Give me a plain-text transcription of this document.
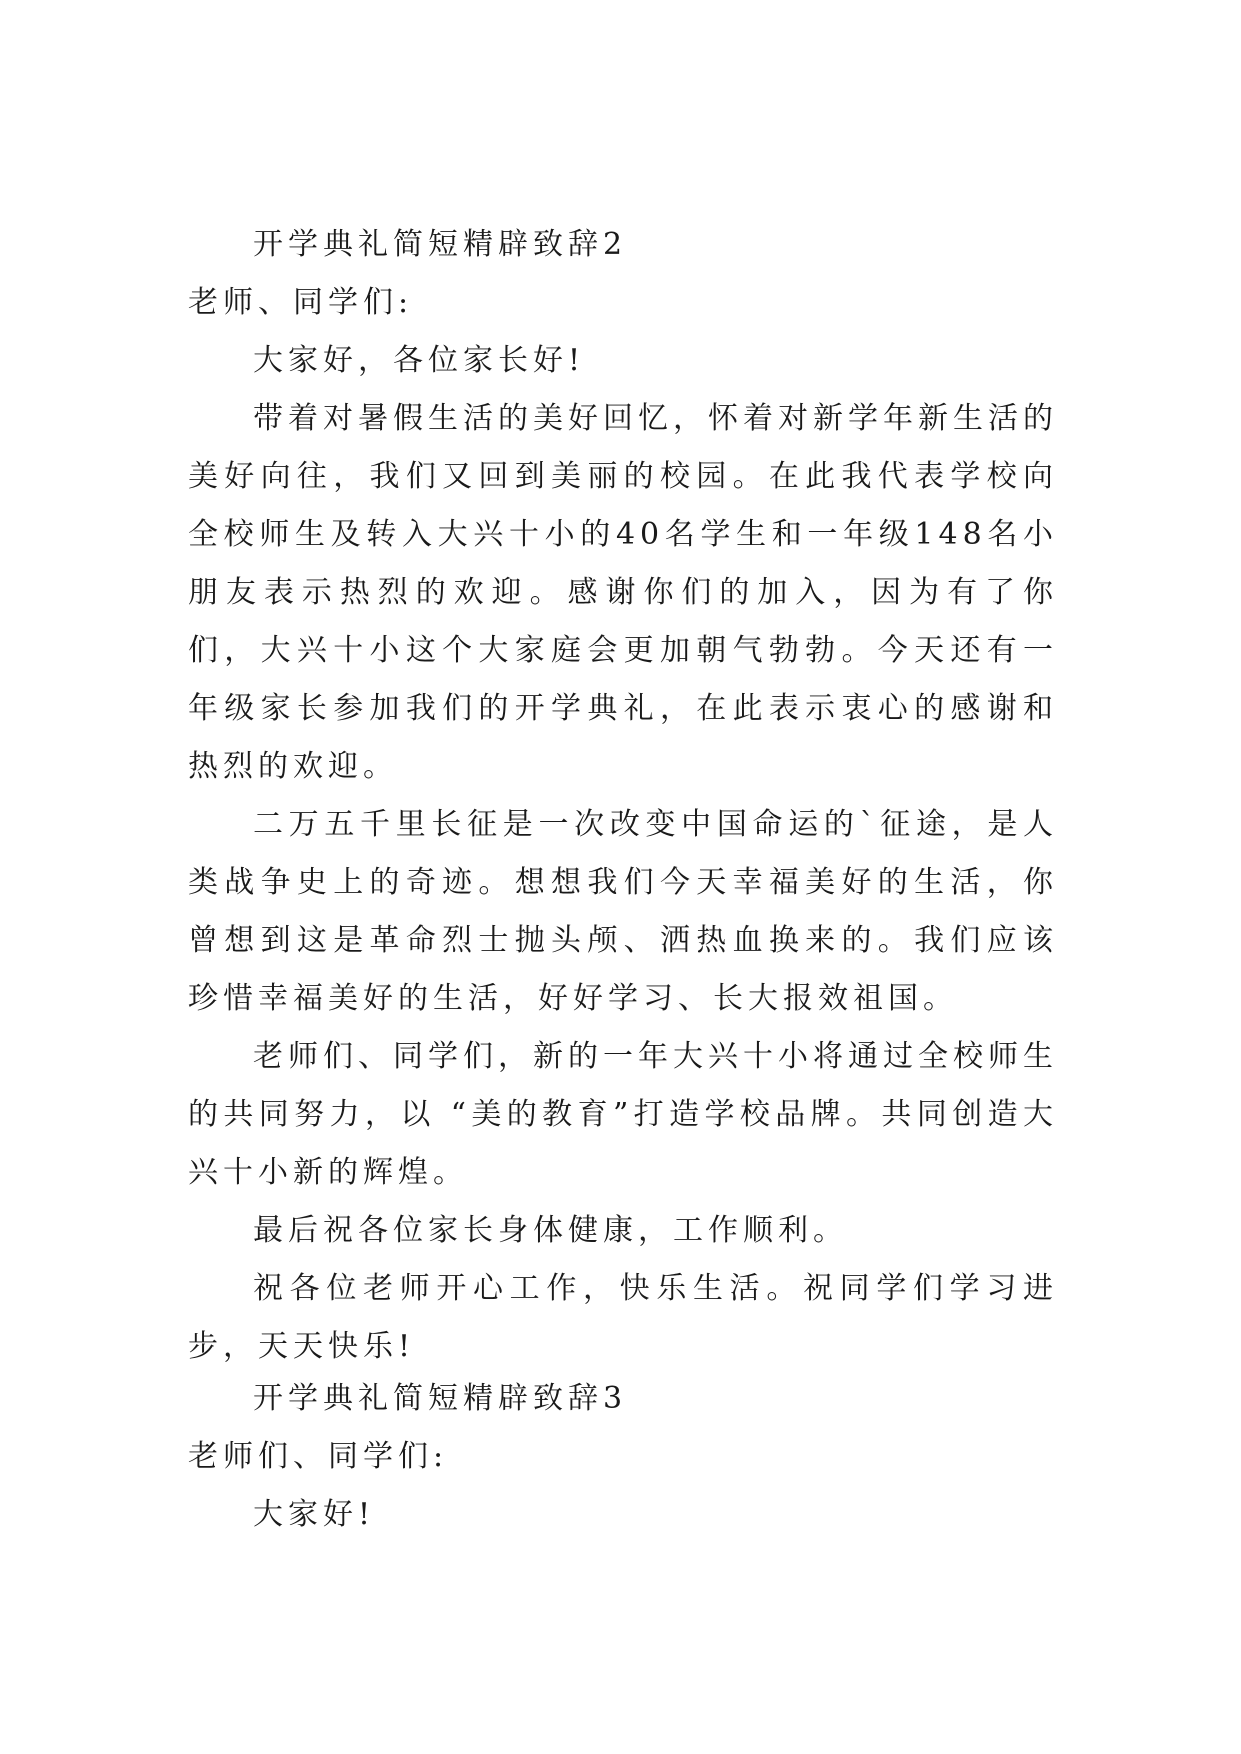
开学典礼简短精辟致辞2

老师、同学们:

大家好，各位家长好!

带着对暑假生活的美好回忆，怀着对新学年新生活的美好向往，我们又回到美丽的校园。在此我代表学校向全校师生及转入大兴十小的40名学生和一年级148名小朋友表示热烈的欢迎。感谢你们的加入，因为有了你们，大兴十小这个大家庭会更加朝气勃勃。今天还有一年级家长参加我们的开学典礼，在此表示衷心的感谢和热烈的欢迎。

二万五千里长征是一次改变中国命运的`征途，是人类战争史上的奇迹。想想我们今天幸福美好的生活，你曾想到这是革命烈士抛头颅、洒热血换来的。我们应该珍惜幸福美好的生活，好好学习、长大报效祖国。

老师们、同学们，新的一年大兴十小将通过全校师生的共同努力，以 “美的教育”打造学校品牌。共同创造大兴十小新的辉煌。

最后祝各位家长身体健康，工作顺利。

祝各位老师开心工作，快乐生活。祝同学们学习进步，天天快乐!

开学典礼简短精辟致辞3

老师们、同学们:

大家好!
